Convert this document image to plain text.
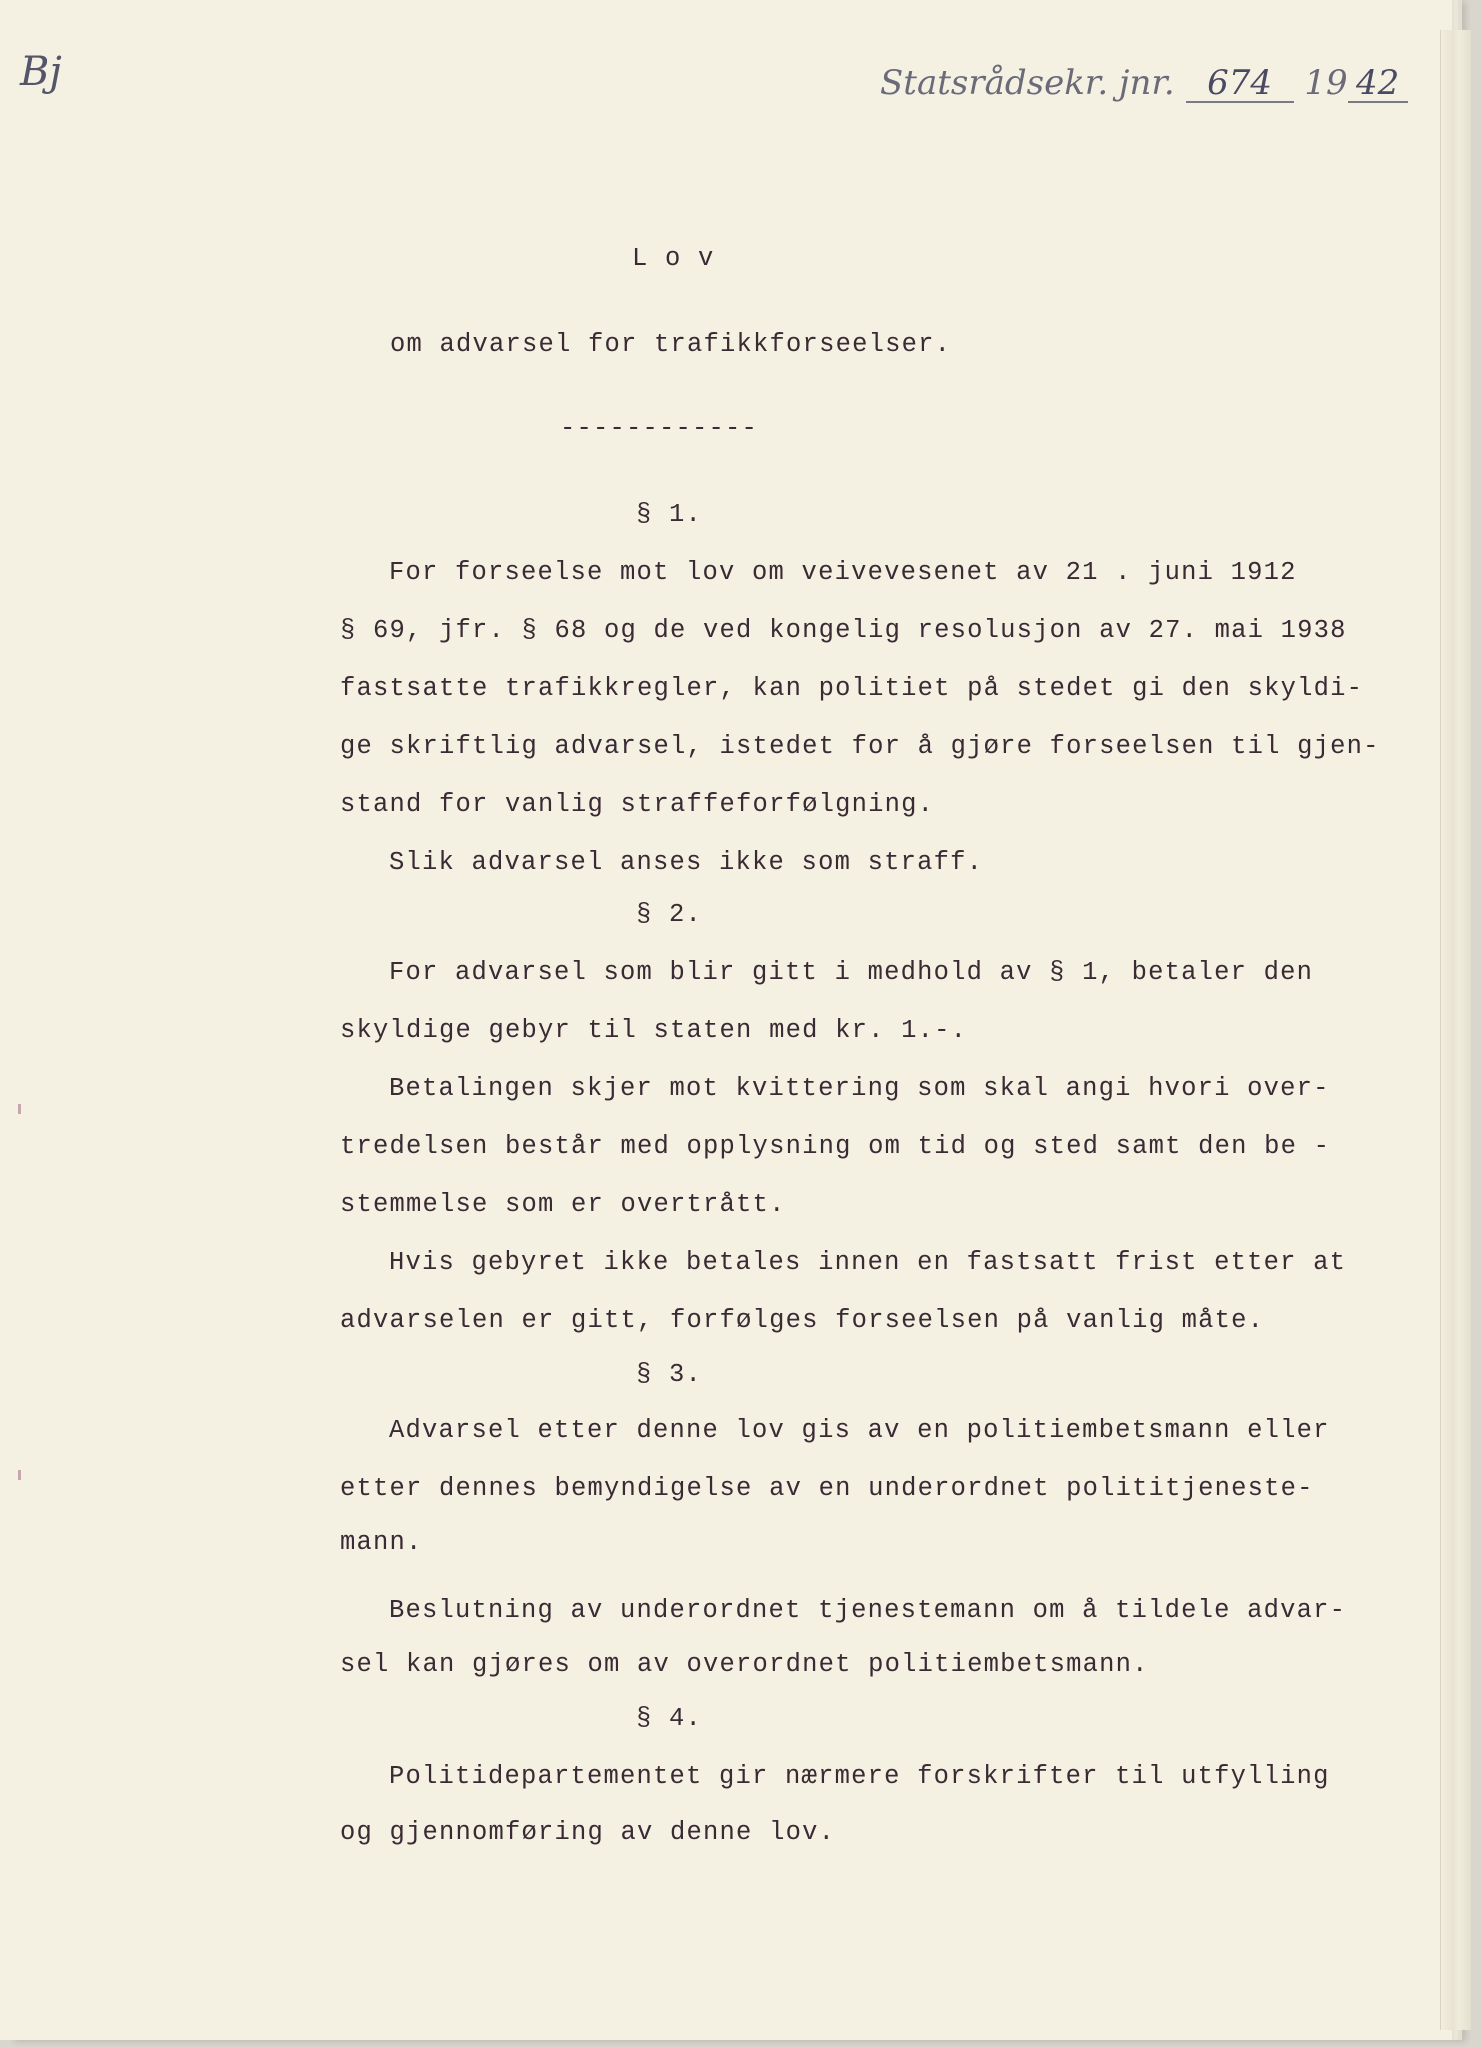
Bj	Statsrådsekr. jnr. 674 19 42
L o v
om advarsel for trafikkforseelser.
------------
§ 1.
For forseelse mot lov om veivevesenet av 21 . juni 1912
§ 69, jfr. § 68 og de ved kongelig resolusjon av 27. mai 1938
fastsatte trafikkregler, kan politiet på stedet gi den skyldi-
ge skriftlig advarsel, istedet for å gjøre forseelsen til gjen-
stand for vanlig straffeforfølgning.
Slik advarsel anses ikke som straff.
§ 2.
For advarsel som blir gitt i medhold av § 1, betaler den
skyldige gebyr til staten med kr. 1.-.
Betalingen skjer mot kvittering som skal angi hvori over-
tredelsen består med opplysning om tid og sted samt den be -
stemmelse som er overtrått.
Hvis gebyret ikke betales innen en fastsatt frist etter at
advarselen er gitt, forfølges forseelsen på vanlig måte.
§ 3.
Advarsel etter denne lov gis av en politiembetsmann eller
etter dennes bemyndigelse av en underordnet polititjeneste-
mann.
Beslutning av underordnet tjenestemann om å tildele advar-
sel kan gjøres om av overordnet politiembetsmann.
§ 4.
Politidepartementet gir nærmere forskrifter til utfylling
og gjennomføring av denne lov.
